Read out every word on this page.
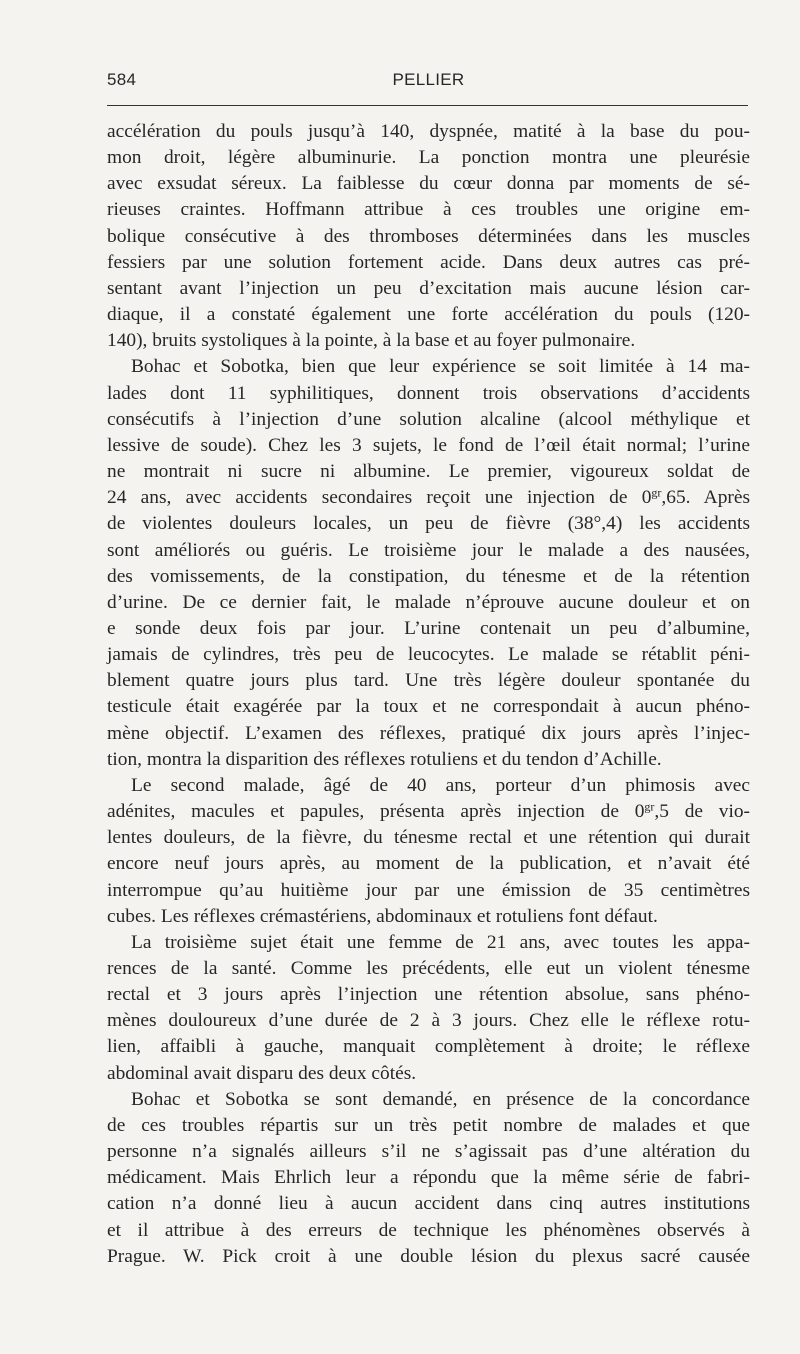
584	PELLIER
accélération du pouls jusqu’à 140, dyspnée, matité à la base du pou-
mon droit, légère albuminurie. La ponction montra une pleurésie
avec exsudat séreux. La faiblesse du cœur donna par moments de sé-
rieuses craintes. Hoffmann attribue à ces troubles une origine em-
bolique consécutive à des thromboses déterminées dans les muscles
fessiers par une solution fortement acide. Dans deux autres cas pré-
sentant avant l’injection un peu d’excitation mais aucune lésion car-
diaque, il a constaté également une forte accélération du pouls (120-
140), bruits systoliques à la pointe, à la base et au foyer pulmonaire.
Bohac et Sobotka, bien que leur expérience se soit limitée à 14 ma-
lades dont 11 syphilitiques, donnent trois observations d’accidents
consécutifs à l’injection d’une solution alcaline (alcool méthylique et
lessive de soude). Chez les 3 sujets, le fond de l’œil était normal; l’urine
ne montrait ni sucre ni albumine. Le premier, vigoureux soldat de
24 ans, avec accidents secondaires reçoit une injection de $0^{gr},65$. Après
de violentes douleurs locales, un peu de fièvre (38°,4) les accidents
sont améliorés ou guéris. Le troisième jour le malade a des nausées,
des vomissements, de la constipation, du ténesme et de la rétention
d’urine. De ce dernier fait, le malade n’éprouve aucune douleur et on
e sonde deux fois par jour. L’urine contenait un peu d’albumine,
jamais de cylindres, très peu de leucocytes. Le malade se rétablit péni-
blement quatre jours plus tard. Une très légère douleur spontanée du
testicule était exagérée par la toux et ne correspondait à aucun phéno-
mène objectif. L’examen des réflexes, pratiqué dix jours après l’injec-
tion, montra la disparition des réflexes rotuliens et du tendon d’Achille.
Le second malade, âgé de 40 ans, porteur d’un phimosis avec
adénites, macules et papules, présenta après injection de $0^{gr},5$ de vio-
lentes douleurs, de la fièvre, du ténesme rectal et une rétention qui durait
encore neuf jours après, au moment de la publication, et n’avait été
interrompue qu’au huitième jour par une émission de 35 centimètres
cubes. Les réflexes crémastériens, abdominaux et rotuliens font défaut.
La troisième sujet était une femme de 21 ans, avec toutes les appa-
rences de la santé. Comme les précédents, elle eut un violent ténesme
rectal et 3 jours après l’injection une rétention absolue, sans phéno-
mènes douloureux d’une durée de 2 à 3 jours. Chez elle le réflexe rotu-
lien, affaibli à gauche, manquait complètement à droite; le réflexe
abdominal avait disparu des deux côtés.
Bohac et Sobotka se sont demandé, en présence de la concordance
de ces troubles répartis sur un très petit nombre de malades et que
personne n’a signalés ailleurs s’il ne s’agissait pas d’une altération du
médicament. Mais Ehrlich leur a répondu que la même série de fabri-
cation n’a donné lieu à aucun accident dans cinq autres institutions
et il attribue à des erreurs de technique les phénomènes observés à
Prague. W. Pick croit à une double lésion du plexus sacré causée
